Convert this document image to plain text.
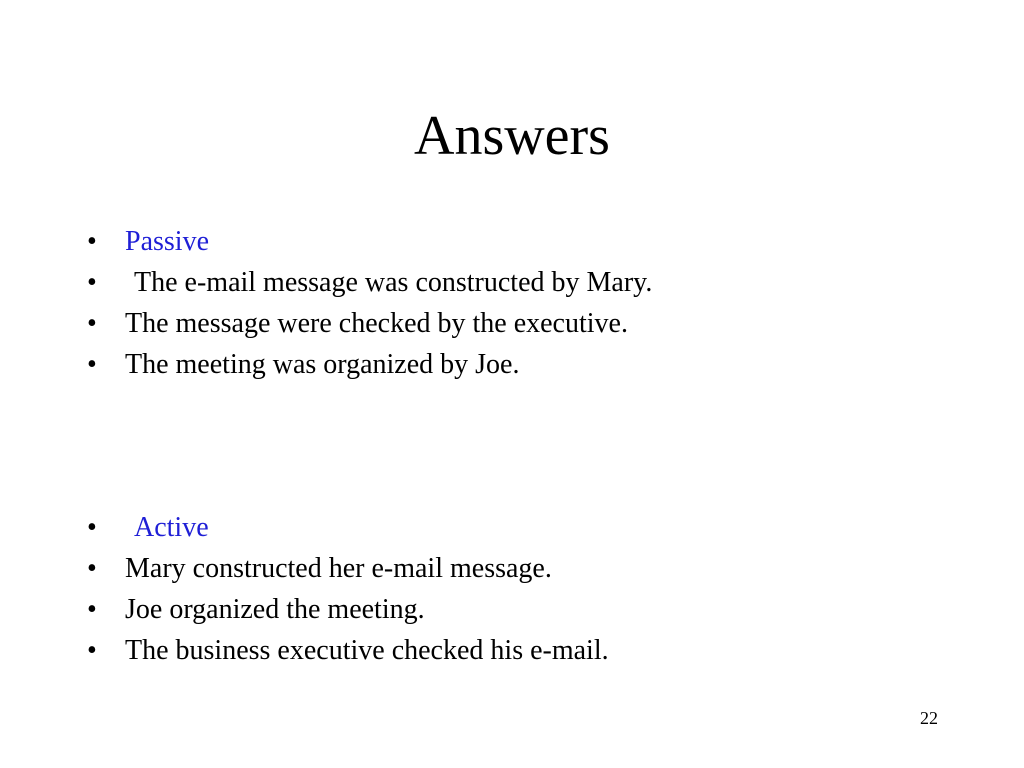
Answers
• Passive
• The e-mail message was constructed by Mary.
• The message were checked by the executive.
• The meeting was organized by Joe.
• Active
• Mary constructed her e-mail message.
• Joe organized the meeting.
• The business executive checked his e-mail.
22
